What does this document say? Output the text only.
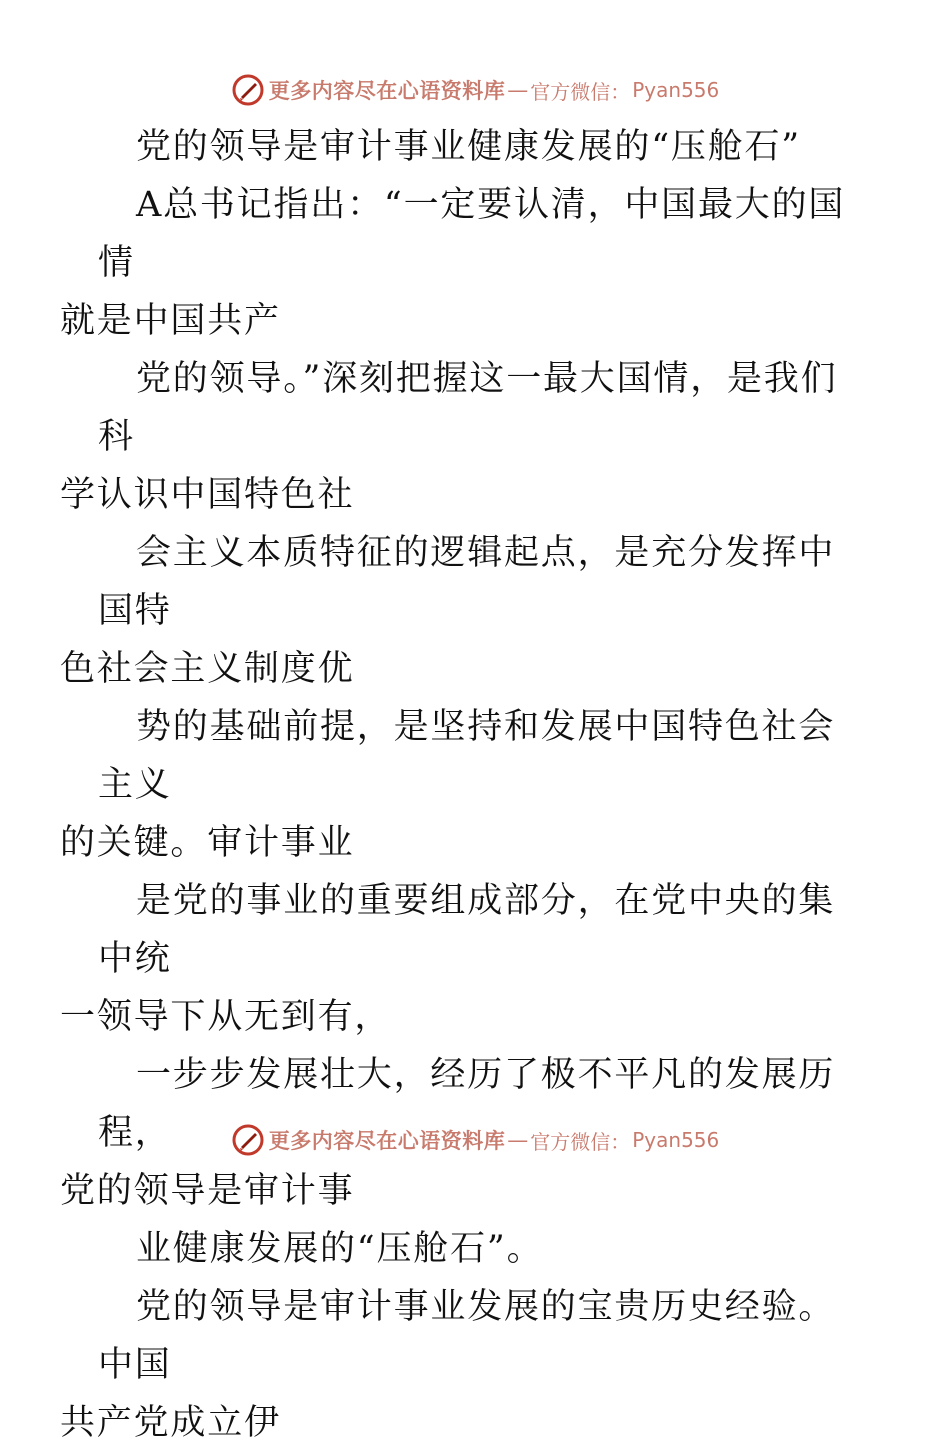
更多内容尽在心语资料库 — 官方微信： Pyan556

党的领导是审计事业健康发展的“压舱石”

A总书记指出：“一定要认清，中国最大的国情
就是中国共产

党的领导。”深刻把握这一最大国情，是我们科
学认识中国特色社

会主义本质特征的逻辑起点，是充分发挥中国特
色社会主义制度优

势的基础前提，是坚持和发展中国特色社会主义
的关键。审计事业

是党的事业的重要组成部分，在党中央的集中统
一领导下从无到有，

一步步发展壮大，经历了极不平凡的发展历程，
党的领导是审计事

业健康发展的“压舱石”。

党的领导是审计事业发展的宝贵历史经验。中国
共产党成立伊

更多内容尽在心语资料库 — 官方微信： Pyan556
